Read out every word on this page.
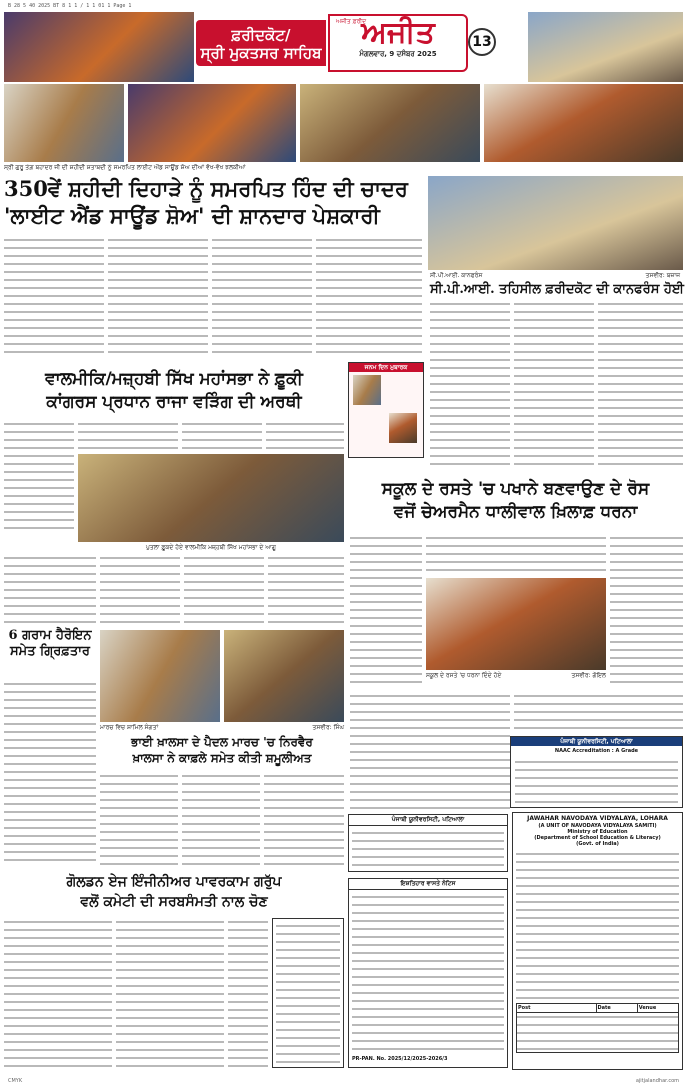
B 28 5 40 2025 BT 8 1 1 / 1 1 01 1 Page 1
ਫ਼ਰੀਦਕੋਟ/
ਸ੍ਰੀ ਮੁਕਤਸਰ ਸਾਹਿਬ
ਅਜੀਤ ਫ਼ਰੀਦ
ਅਜੀਤ
ਮੰਗਲਵਾਰ, 9 ਦਸੰਬਰ 2025
13
ਸ੍ਰੀ ਗੁਰੂ ਤੇਗ਼ ਬਹਾਦਰ ਜੀ ਦੀ ਸ਼ਹੀਦੀ ਸ਼ਤਾਬਦੀ ਨੂੰ ਸਮਰਪਿਤ ਲਾਈਟ ਐਂਡ ਸਾਊਂਡ ਸ਼ੋਅ ਦੀਆਂ ਵੱਖ-ਵੱਖ ਝਲਕੀਆਂ
350ਵੇਂ ਸ਼ਹੀਦੀ ਦਿਹਾੜੇ ਨੂੰ ਸਮਰਪਿਤ ਹਿੰਦ ਦੀ ਚਾਦਰ
'ਲਾਈਟ ਐਂਡ ਸਾਊਂਡ ਸ਼ੋਅ' ਦੀ ਸ਼ਾਨਦਾਰ ਪੇਸ਼ਕਾਰੀ
ਸੀ.ਪੀ.ਆਈ. ਕਾਨਫਰੰਸ	ਤਸਵੀਰ: ਬਜ਼ਾਜ
ਸੀ.ਪੀ.ਆਈ. ਤਹਿਸੀਲ ਫ਼ਰੀਦਕੋਟ ਦੀ ਕਾਨਫਰੰਸ ਹੋਈ
ਵਾਲਮੀਕਿ/ਮਜ਼੍ਹਬੀ ਸਿੱਖ ਮਹਾਂਸਭਾ ਨੇ ਫ਼ੂਕੀ
ਕਾਂਗਰਸ ਪ੍ਰਧਾਨ ਰਾਜਾ ਵੜਿੰਗ ਦੀ ਅਰਥੀ
ਜਨਮ ਦਿਨ ਮੁਬਾਰਕ
ਪੁਤਲਾ ਫ਼ੂਕਦੇ ਹੋਏ ਵਾਲਮੀਕਿ ਮਜ਼੍ਹਬੀ ਸਿੱਖ ਮਹਾਂਸਭਾ ਦੇ ਆਗੂ
ਸਕੂਲ ਦੇ ਰਸਤੇ 'ਚ ਪਖਾਨੇ ਬਣਵਾਉਣ ਦੇ ਰੋਸ
ਵਜੋਂ ਚੇਅਰਮੈਨ ਧਾਲੀਵਾਲ ਖ਼ਿਲਾਫ਼ ਧਰਨਾ
ਸਕੂਲ ਦੇ ਰਸਤੇ 'ਚ ਧਰਨਾ ਦਿੰਦੇ ਹੋਏ	ਤਸਵੀਰ: ਗੋਇਲ
6 ਗਰਾਮ ਹੈਰੋਇਨ ਸਮੇਤ ਗ੍ਰਿਫ਼ਤਾਰ
ਮਾਰਚ ਵਿਚ ਸ਼ਾਮਿਲ ਸੰਗਤਾਂ	ਤਸਵੀਰ: ਸਿੰਘ
ਭਾਈ ਖ਼ਾਲਸਾ ਦੇ ਪੈਦਲ ਮਾਰਚ 'ਚ ਨਿਰਵੈਰ
ਖ਼ਾਲਸਾ ਨੇ ਕਾਫ਼ਲੇ ਸਮੇਤ ਕੀਤੀ ਸ਼ਮੂਲੀਅਤ
ਪੰਜਾਬੀ ਯੂਨੀਵਰਸਿਟੀ, ਪਟਿਆਲਾ
NAAC Accreditation : A Grade
ਪੰਜਾਬੀ ਯੂਨੀਵਰਸਿਟੀ, ਪਟਿਆਲਾ	JAWAHAR NAVODAYA VIDYALAYA, LOHARA
(A UNIT OF NAVODAYA VIDYALAYA SAMITI)
Ministry of Education
(Department of School Education & Literacy)
(Govt. of India)
Post	Date	Venue
ਗੋਲਡਨ ਏਜ ਇੰਜੀਨੀਅਰ ਪਾਵਰਕਾਮ ਗਰੁੱਪ
ਵਲੋਂ ਕਮੇਟੀ ਦੀ ਸਰਬਸੰਮਤੀ ਨਾਲ ਚੋਣ
ਇਸ਼ਤਿਹਾਰ ਵਾਸਤੇ ਨੋਟਿਸ
PR-PAN. No. 2025/12/2025-2026/3
CMYK	ajitjalandhar.com
